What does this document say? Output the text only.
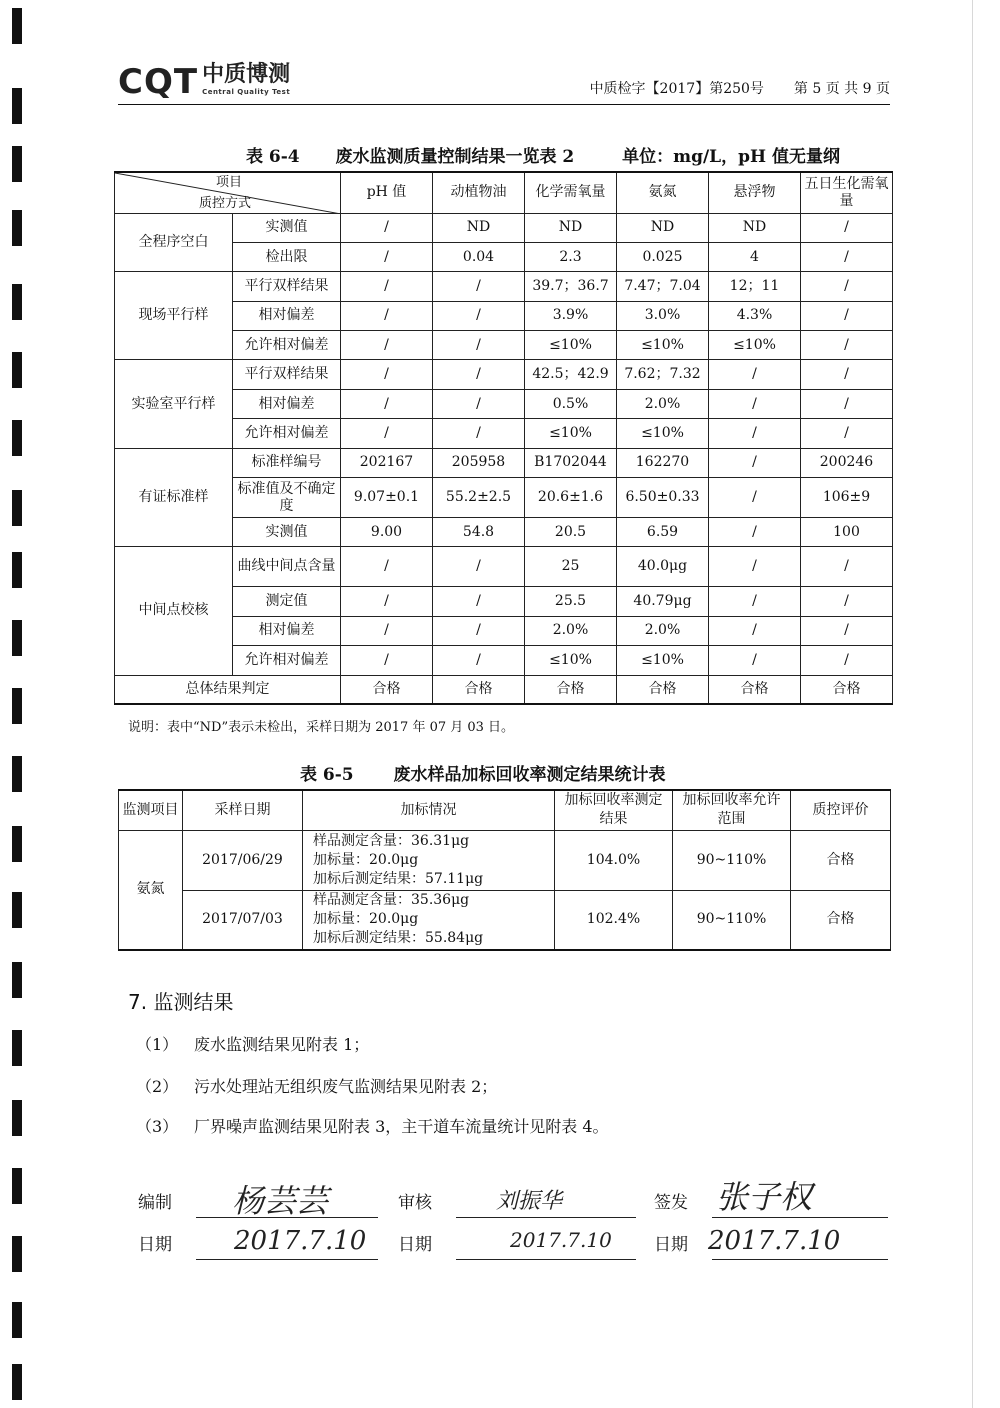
CQT 中质博测
Central Quality Test	中质检字【2017】第250号 第 5 页 共 9 页
表 6-4 废水监测质量控制结果一览表 2	单位：mg/L，pH 值无量纲
项目
质控方式		pH 值	动植物油	化学需氧量	氨氮	悬浮物	五日生化需氧量
全程序空白	实测值	/	ND	ND	ND	ND	/
	检出限	/	0.04	2.3	0.025	4	/
现场平行样	平行双样结果	/	/	39.7；36.7	7.47；7.04	12；11	/
	相对偏差	/	/	3.9%	3.0%	4.3%	/
	允许相对偏差	/	/	≤10%	≤10%	≤10%	/
实验室平行样	平行双样结果	/	/	42.5；42.9	7.62；7.32	/	/
	相对偏差	/	/	0.5%	2.0%	/	/
	允许相对偏差	/	/	≤10%	≤10%	/	/
有证标准样	标准样编号	202167	205958	B1702044	162270	/	200246
	标准值及不确定度	9.07±0.1	55.2±2.5	20.6±1.6	6.50±0.33	/	106±9
	实测值	9.00	54.8	20.5	6.59	/	100
中间点校核	曲线中间点含量	/	/	25	40.0μg	/	/
	测定值	/	/	25.5	40.79μg	/	/
	相对偏差	/	/	2.0%	2.0%	/	/
	允许相对偏差	/	/	≤10%	≤10%	/	/
总体结果判定		合格	合格	合格	合格	合格	合格
说明：表中“ND”表示未检出，采样日期为 2017 年 07 月 03 日。
表 6-5 废水样品加标回收率测定结果统计表
监测项目	采样日期	加标情况	加标回收率测定结果	加标回收率允许范围	质控评价
氨氮	2017/06/29	样品测定含量：36.31μg
加标量：20.0μg
加标后测定结果：57.11μg	104.0%	90~110%	合格
	2017/07/03	样品测定含量：35.36μg
加标量：20.0μg
加标后测定结果：55.84μg	102.4%	90~110%	合格
7. 监测结果
（1） 废水监测结果见附表 1；
（2） 污水处理站无组织废气监测结果见附表 2；
（3） 厂界噪声监测结果见附表 3，主干道车流量统计见附表 4。
编制 杨芸芸	审核	刘振华	签发 张子权
日期 2017.7.10 日期	2017.7.10 日期 2017.7.10
